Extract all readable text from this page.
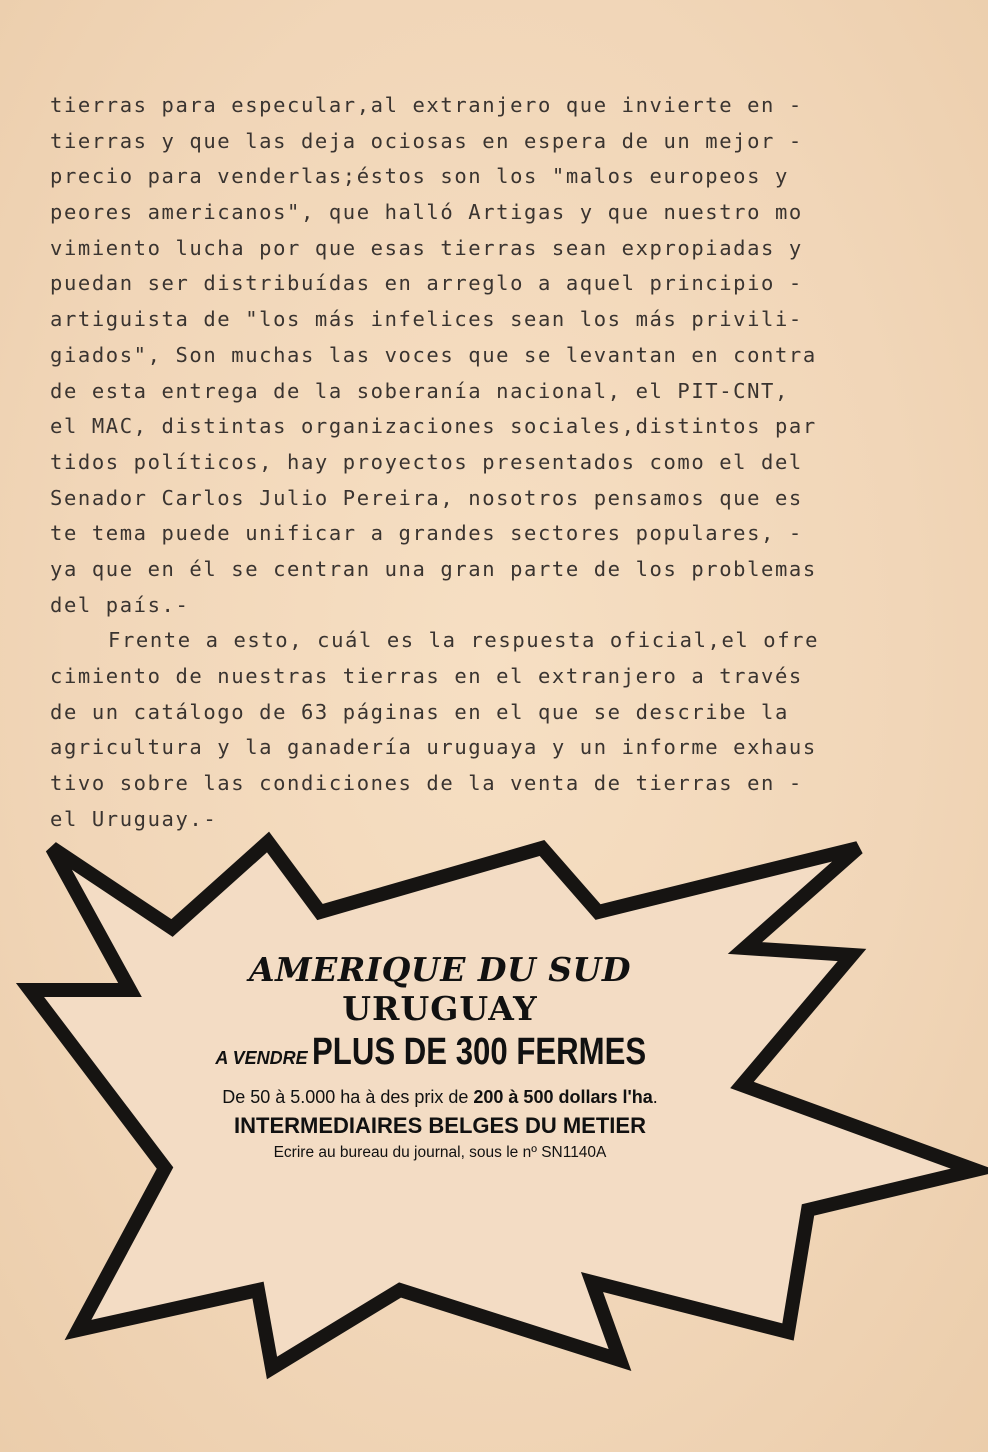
tierras para especular,al extranjero que invierte en -
tierras y que las deja ociosas en espera de un mejor -
precio para venderlas;éstos son los "malos europeos y
peores americanos", que halló Artigas y que nuestro mo
vimiento lucha por que esas tierras sean expropiadas y
puedan ser distribuídas en arreglo a aquel principio -
artiguista de "los más infelices sean los más privili-
giados", Son muchas las voces que se levantan en contra
de esta entrega de la soberanía nacional, el PIT-CNT,
el MAC, distintas organizaciones sociales,distintos par
tidos políticos, hay proyectos presentados como el del
Senador Carlos Julio Pereira, nosotros pensamos que es
te tema puede unificar a grandes sectores populares, -
ya que en él se centran una gran parte de los problemas
del país.-
Frente a esto, cuál es la respuesta oficial,el ofre
cimiento de nuestras tierras en el extranjero a través
de un catálogo de 63 páginas en el que se describe la
agricultura y la ganadería uruguaya y un informe exhaus
tivo sobre las condiciones de la venta de tierras en -
el Uruguay.-
AMERIQUE DU SUD
URUGUAY
A VENDRE PLUS DE 300 FERMES
De 50 à 5.000 ha à des prix de 200 à 500 dollars l'ha.
INTERMEDIAIRES BELGES DU METIER
Ecrire au bureau du journal, sous le nº SN1140A
